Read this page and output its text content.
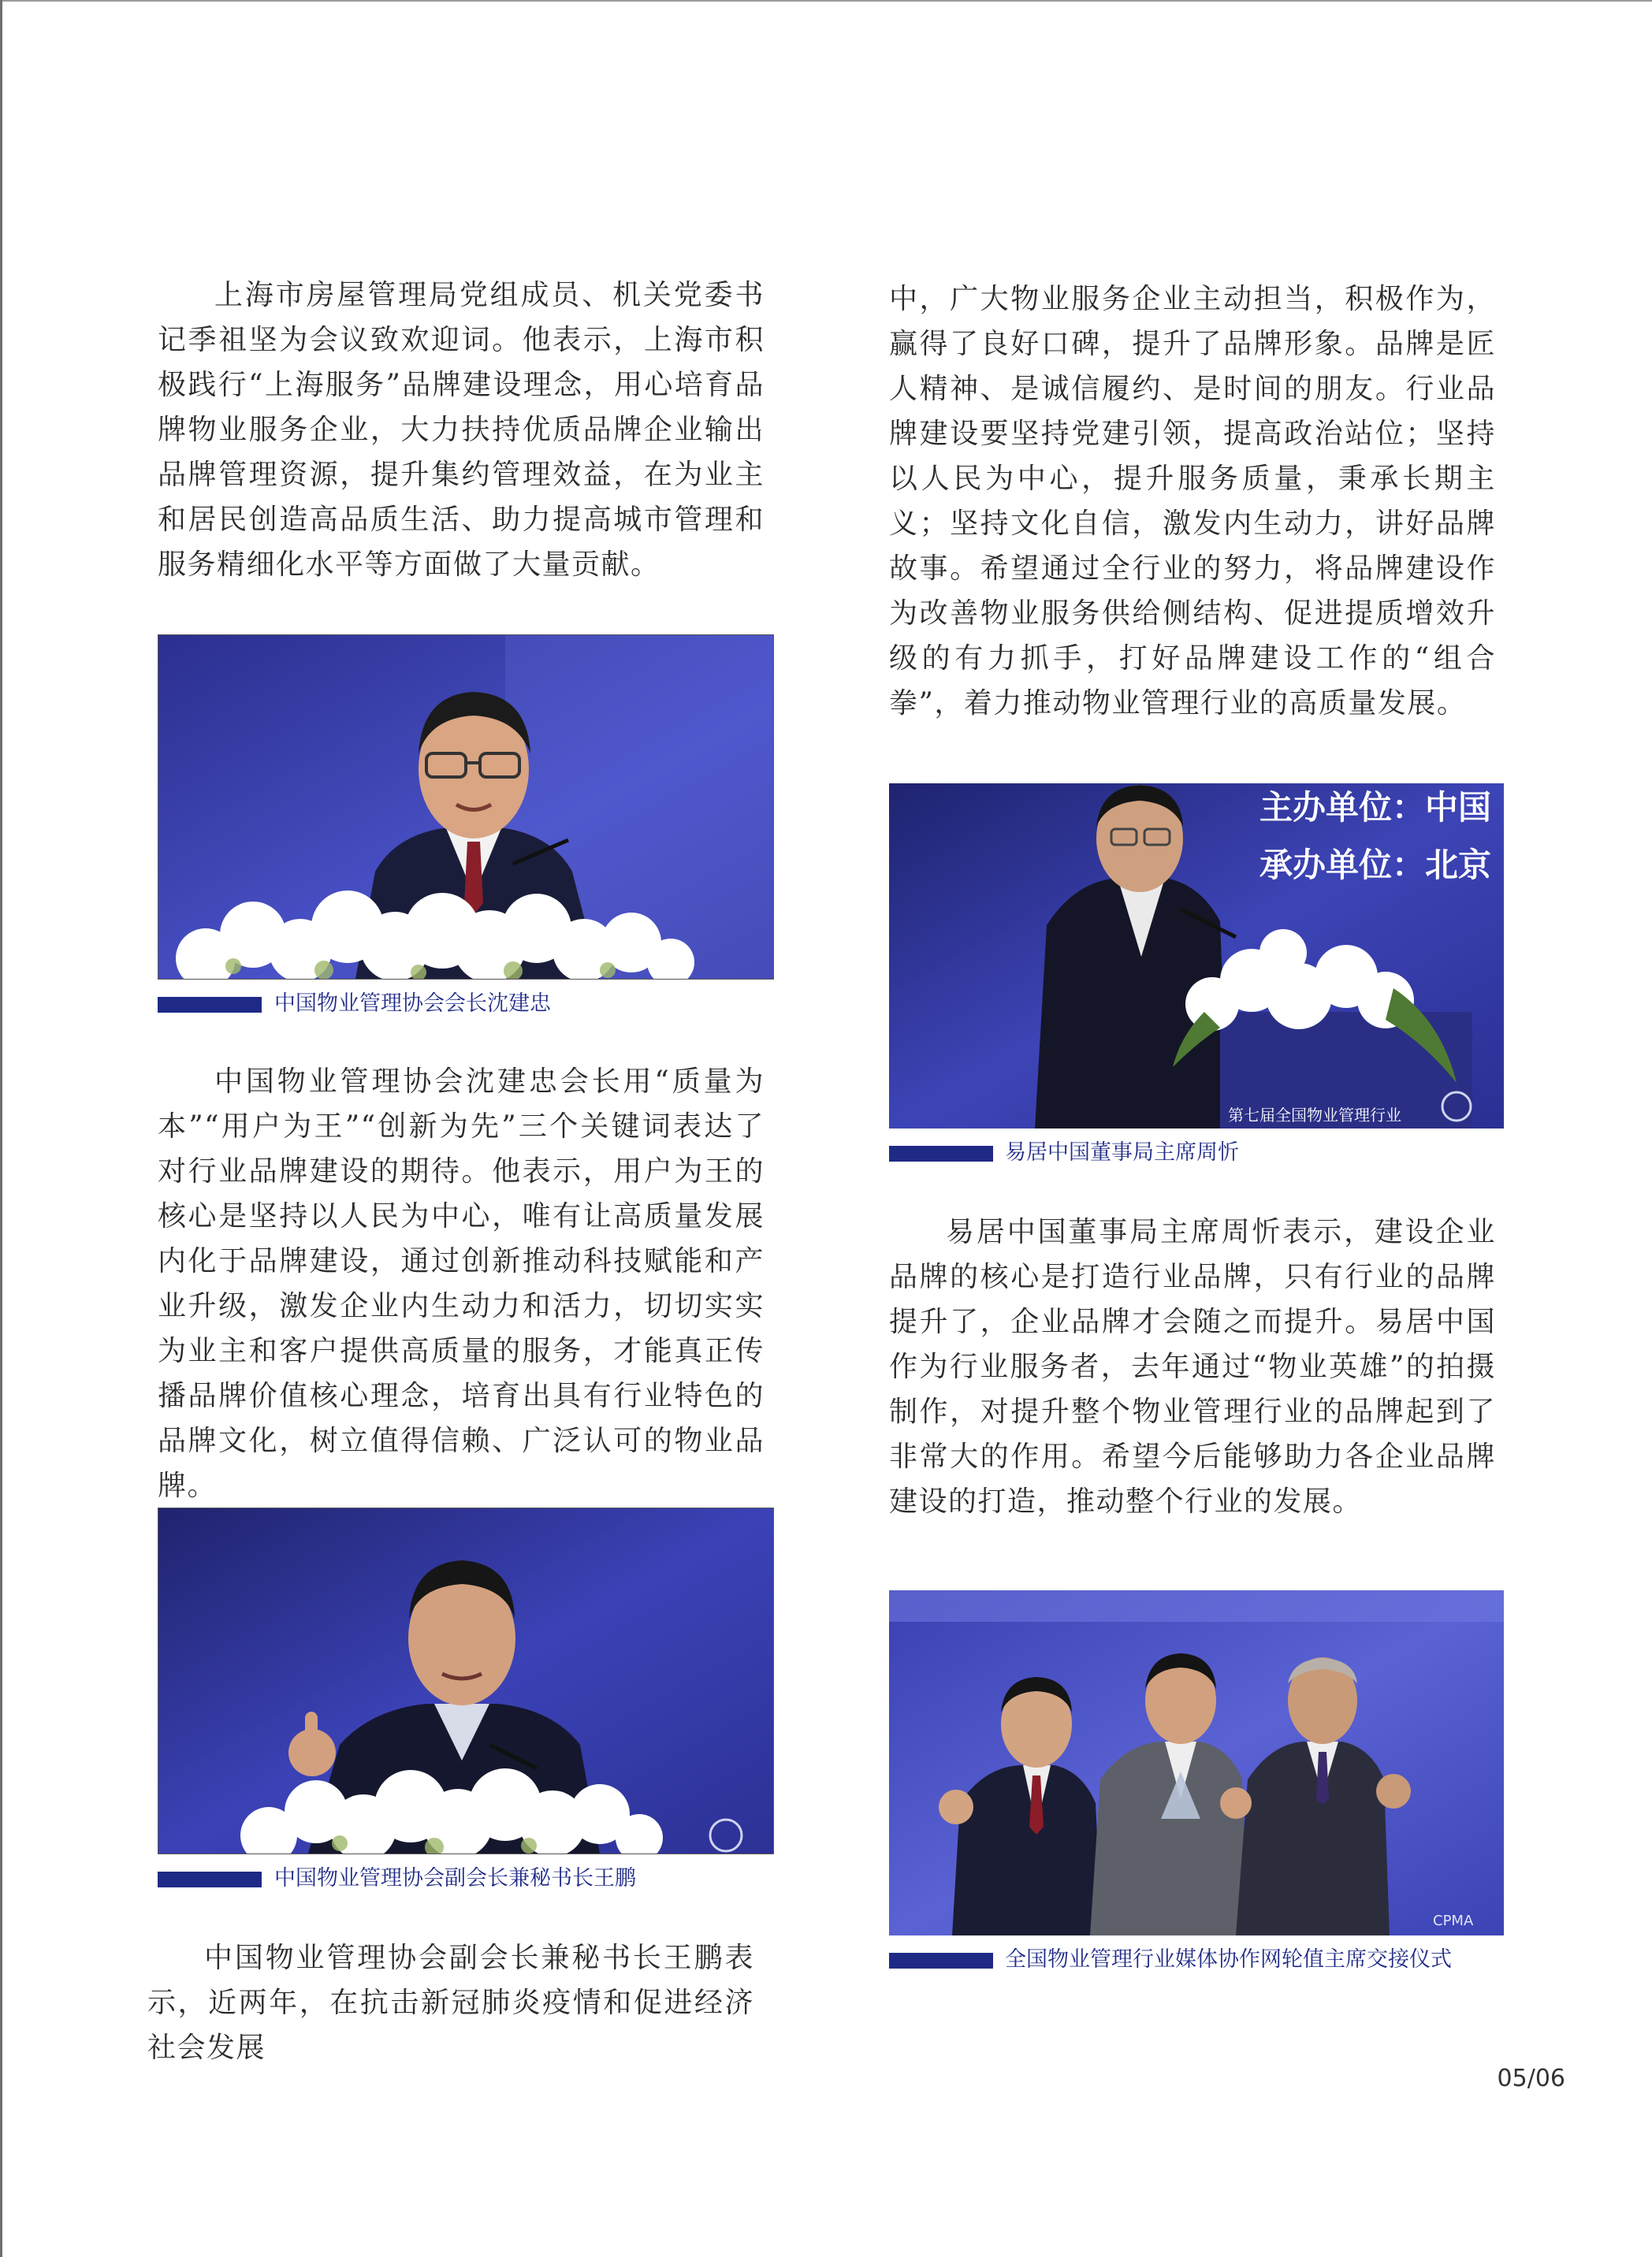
上海市房屋管理局党组成员、机关党委书记季祖坚为会议致欢迎词。他表示，上海市积极践行“上海服务”品牌建设理念，用心培育品牌物业服务企业，大力扶持优质品牌企业输出品牌管理资源，提升集约管理效益，在为业主和居民创造高品质生活、助力提高城市管理和服务精细化水平等方面做了大量贡献。

中国物业管理协会会长沈建忠

中国物业管理协会沈建忠会长用“质量为本”“用户为王”“创新为先”三个关键词表达了对行业品牌建设的期待。他表示，用户为王的核心是坚持以人民为中心，唯有让高质量发展内化于品牌建设，通过创新推动科技赋能和产业升级，激发企业内生动力和活力，切切实实为业主和客户提供高质量的服务，才能真正传播品牌价值核心理念，培育出具有行业特色的品牌文化，树立值得信赖、广泛认可的物业品牌。

中国物业管理协会副会长兼秘书长王鹏

中国物业管理协会副会长兼秘书长王鹏表示，近两年，在抗击新冠肺炎疫情和促进经济社会发展

中，广大物业服务企业主动担当，积极作为，赢得了良好口碑，提升了品牌形象。品牌是匠人精神、是诚信履约、是时间的朋友。行业品牌建设要坚持党建引领，提高政治站位；坚持以人民为中心，提升服务质量，秉承长期主义；坚持文化自信，激发内生动力，讲好品牌故事。希望通过全行业的努力，将品牌建设作为改善物业服务供给侧结构、促进提质增效升级的有力抓手，打好品牌建设工作的“组合拳”，着力推动物业管理行业的高质量发展。

主办单位：中国
承办单位：北京
第七届全国物业管理行业
易居中国董事局主席周忻

易居中国董事局主席周忻表示，建设企业品牌的核心是打造行业品牌，只有行业的品牌提升了，企业品牌才会随之而提升。易居中国作为行业服务者，去年通过“物业英雄”的拍摄制作，对提升整个物业管理行业的品牌起到了非常大的作用。希望今后能够助力各企业品牌建设的打造，推动整个行业的发展。

CPMA
全国物业管理行业媒体协作网轮值主席交接仪式
05/06
